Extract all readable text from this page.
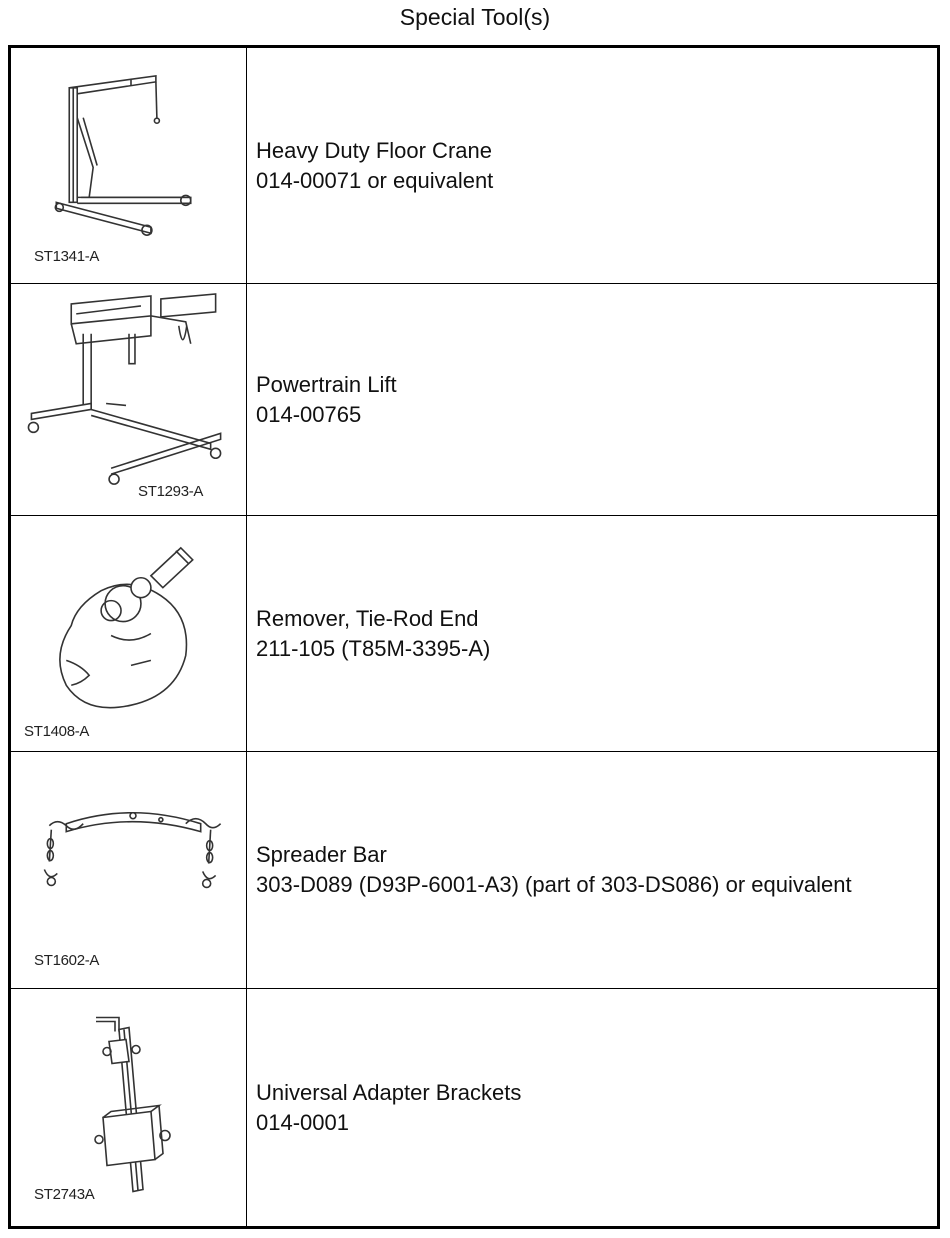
Special Tool(s)
ST1341-A
Heavy Duty Floor Crane
014-00071 or equivalent
ST1293-A
Powertrain Lift
014-00765
ST1408-A
Remover, Tie-Rod End
211-105 (T85M-3395-A)
ST1602-A
Spreader Bar
303-D089 (D93P-6001-A3) (part of 303-DS086) or equivalent
ST2743A
Universal Adapter Brackets
014-0001
